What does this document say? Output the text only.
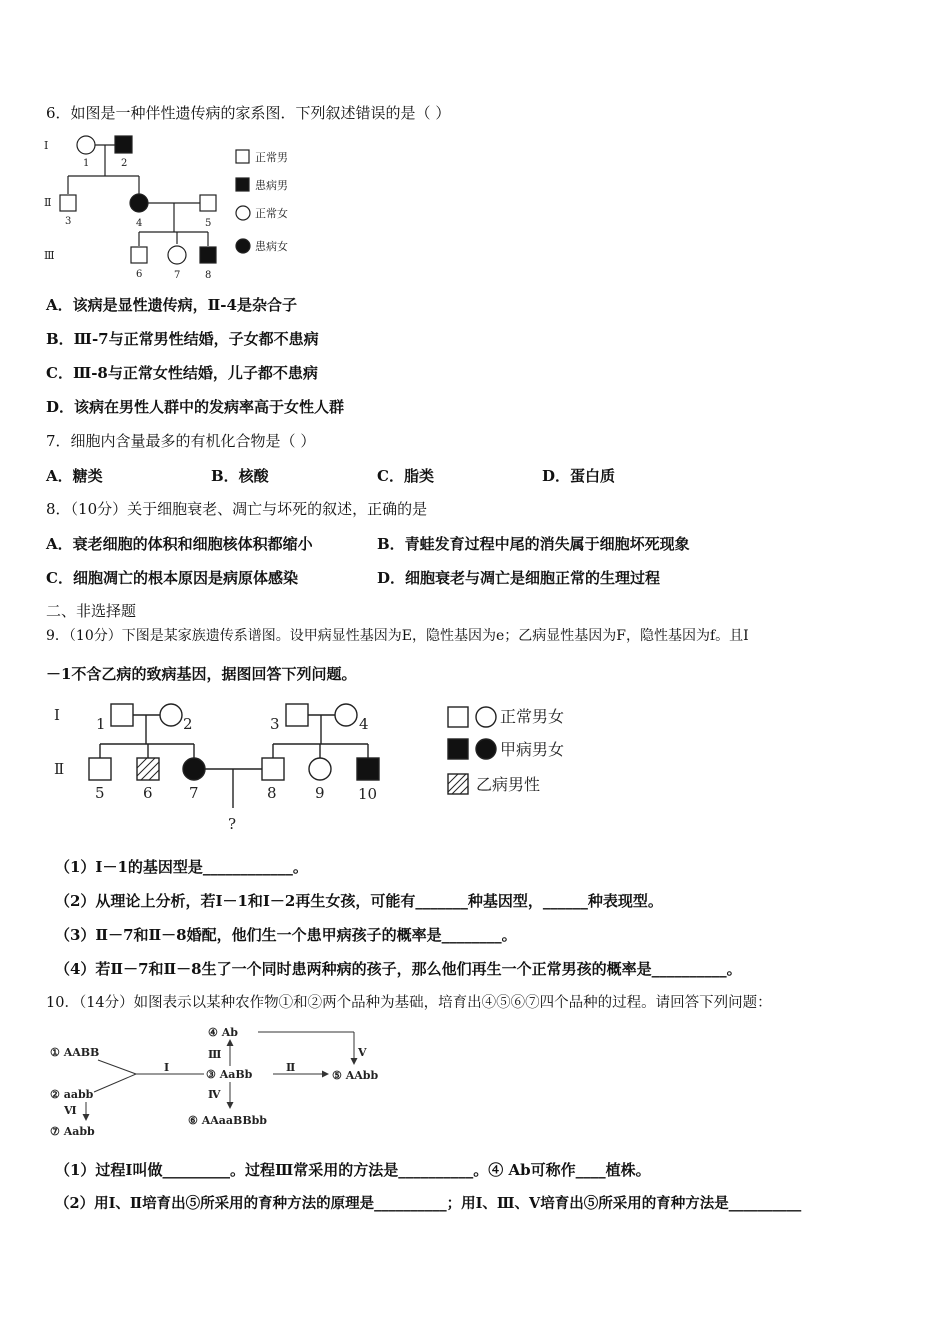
6．如图是一种伴性遗传病的家系图．下列叙述错误的是（ ）
Ⅰ
Ⅱ
Ⅲ
1	2
3	4	5
6	7 8
正常男
患病男
正常女
患病女
A．该病是显性遗传病，Ⅱ-4是杂合子
B．Ⅲ-7与正常男性结婚，子女都不患病
C．Ⅲ-8与正常女性结婚，儿子都不患病
D．该病在男性人群中的发病率高于女性人群
7．细胞内含量最多的有机化合物是（ ）
A．糖类	B．核酸	C．脂类	D．蛋白质
8．（10分）关于细胞衰老、凋亡与坏死的叙述，正确的是
A．衰老细胞的体积和细胞核体积都缩小	B．青蛙发育过程中尾的消失属于细胞坏死现象
C．细胞凋亡的根本原因是病原体感染	D．细胞衰老与凋亡是细胞正常的生理过程
二、非选择题
9．（10分）下图是某家族遗传系谱图。设甲病显性基因为E，隐性基因为e；乙病显性基因为F，隐性基因为f。且Ⅰ
－1不含乙病的致病基因，据图回答下列问题。
Ⅰ
Ⅱ
1	2	3	4
5	6 7	8	9 10
?
正常男女
甲病男女
乙病男性
（1）Ⅰ－1的基因型是____________。
（2）从理论上分析，若Ⅰ－1和Ⅰ－2再生女孩，可能有_______种基因型，______种表现型。
（3）Ⅱ－7和Ⅱ－8婚配，他们生一个患甲病孩子的概率是________。
（4）若Ⅱ－7和Ⅱ－8生了一个同时患两种病的孩子，那么他们再生一个正常男孩的概率是__________。
10．（14分）如图表示以某种农作物①和②两个品种为基础，培育出④⑤⑥⑦四个品种的过程。请回答下列问题：
① AABB
② aabb
③ AaBb
④ Ab
⑤ AAbb
⑥ AAaaBBbb
⑦ Aabb
Ⅰ	Ⅱ
Ⅲ
Ⅳ
Ⅴ
Ⅵ
（1）过程Ⅰ叫做_________。过程Ⅲ常采用的方法是__________。④ Ab可称作____植株。
（2）用Ⅰ、Ⅱ培育出⑤所采用的育种方法的原理是__________；用Ⅰ、Ⅲ、Ⅴ培育出⑤所采用的育种方法是__________
